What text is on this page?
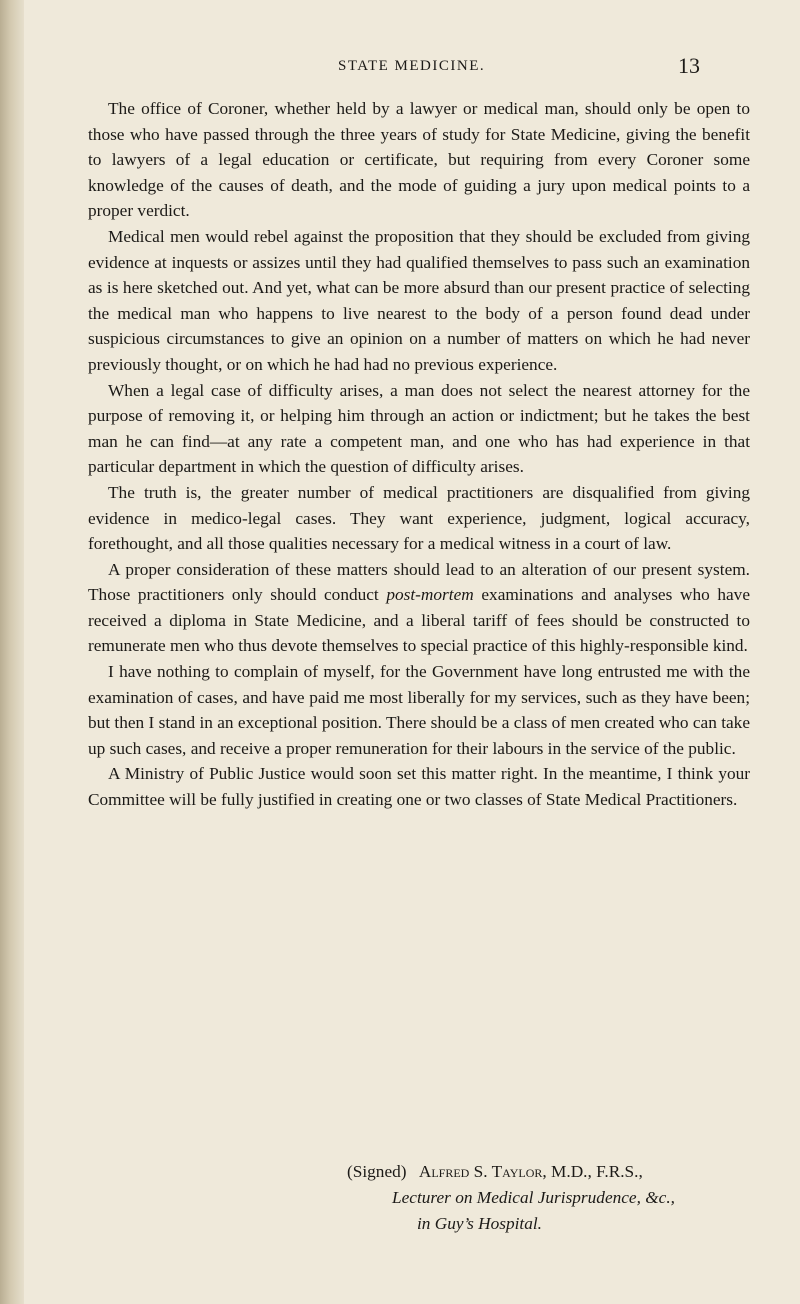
STATE MEDICINE.	13

The office of Coroner, whether held by a lawyer or medical man, should only be open to those who have passed through the three years of study for State Medicine, giving the benefit to lawyers of a legal education or certificate, but requiring from every Coroner some knowledge of the causes of death, and the mode of guiding a jury upon medical points to a proper verdict.

Medical men would rebel against the proposition that they should be excluded from giving evidence at inquests or assizes until they had qualified themselves to pass such an examination as is here sketched out. And yet, what can be more absurd than our present practice of selecting the medical man who happens to live nearest to the body of a person found dead under suspicious circumstances to give an opinion on a number of matters on which he had never previously thought, or on which he had had no previous experience.

When a legal case of difficulty arises, a man does not select the nearest attorney for the purpose of removing it, or helping him through an action or indictment; but he takes the best man he can find—at any rate a competent man, and one who has had experience in that particular department in which the question of difficulty arises.

The truth is, the greater number of medical practitioners are disqualified from giving evidence in medico-legal cases. They want experience, judgment, logical accuracy, forethought, and all those qualities necessary for a medical witness in a court of law.

A proper consideration of these matters should lead to an alteration of our present system. Those practitioners only should conduct post-mortem examinations and analyses who have received a diploma in State Medicine, and a liberal tariff of fees should be constructed to remunerate men who thus devote themselves to special practice of this highly-responsible kind.

I have nothing to complain of myself, for the Government have long entrusted me with the examination of cases, and have paid me most liberally for my services, such as they have been; but then I stand in an exceptional position. There should be a class of men created who can take up such cases, and receive a proper remuneration for their labours in the service of the public.

A Ministry of Public Justice would soon set this matter right. In the meantime, I think your Committee will be fully justified in creating one or two classes of State Medical Practitioners.

(Signed) Alfred S. Taylor, M.D., F.R.S.,
Lecturer on Medical Jurisprudence, &c.,
in Guy’s Hospital.
